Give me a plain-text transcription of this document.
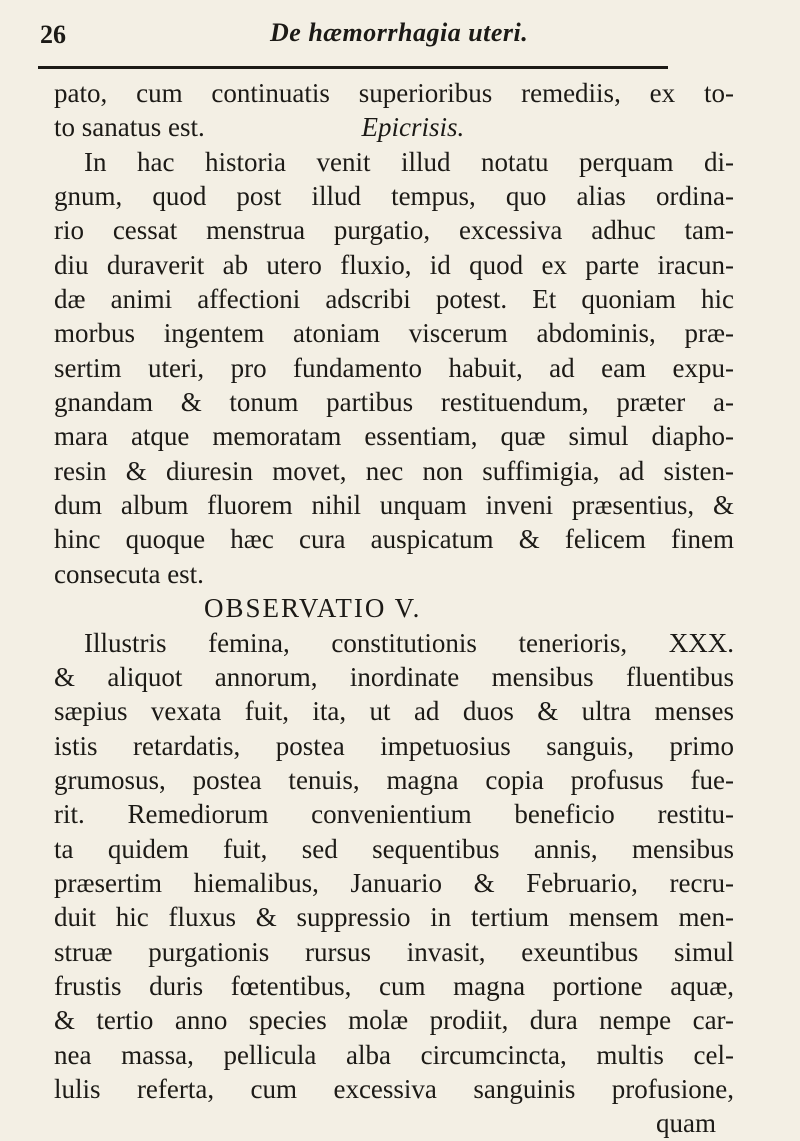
26	De hæmorrhagia uteri.
pato, cum continuatis superioribus remediis, ex to-
to sanatus est.	Epicrisis.
In hac historia venit illud notatu perquam di-
gnum, quod post illud tempus, quo alias ordina-
rio cessat menstrua purgatio, excessiva adhuc tam-
diu duraverit ab utero fluxio, id quod ex parte iracun-
dæ animi affectioni adscribi potest. Et quoniam hic
morbus ingentem atoniam viscerum abdominis, præ-
sertim uteri, pro fundamento habuit, ad eam expu-
gnandam & tonum partibus restituendum, præter a-
mara atque memoratam essentiam, quæ simul diapho-
resin & diuresin movet, nec non suffimigia, ad sisten-
dum album fluorem nihil unquam inveni præsentius, &
hinc quoque hæc cura auspicatum & felicem finem
consecuta est.
OBSERVATIO V.
Illustris femina, constitutionis tenerioris, XXX.
& aliquot annorum, inordinate mensibus fluentibus
sæpius vexata fuit, ita, ut ad duos & ultra menses
istis retardatis, postea impetuosius sanguis, primo
grumosus, postea tenuis, magna copia profusus fue-
rit. Remediorum convenientium beneficio restitu-
ta quidem fuit, sed sequentibus annis, mensibus
præsertim hiemalibus, Januario & Februario, recru-
duit hic fluxus & suppressio in tertium mensem men-
struæ purgationis rursus invasit, exeuntibus simul
frustis duris fœtentibus, cum magna portione aquæ,
& tertio anno species molæ prodiit, dura nempe car-
nea massa, pellicula alba circumcincta, multis cel-
lulis referta, cum excessiva sanguinis profusione,
quam
